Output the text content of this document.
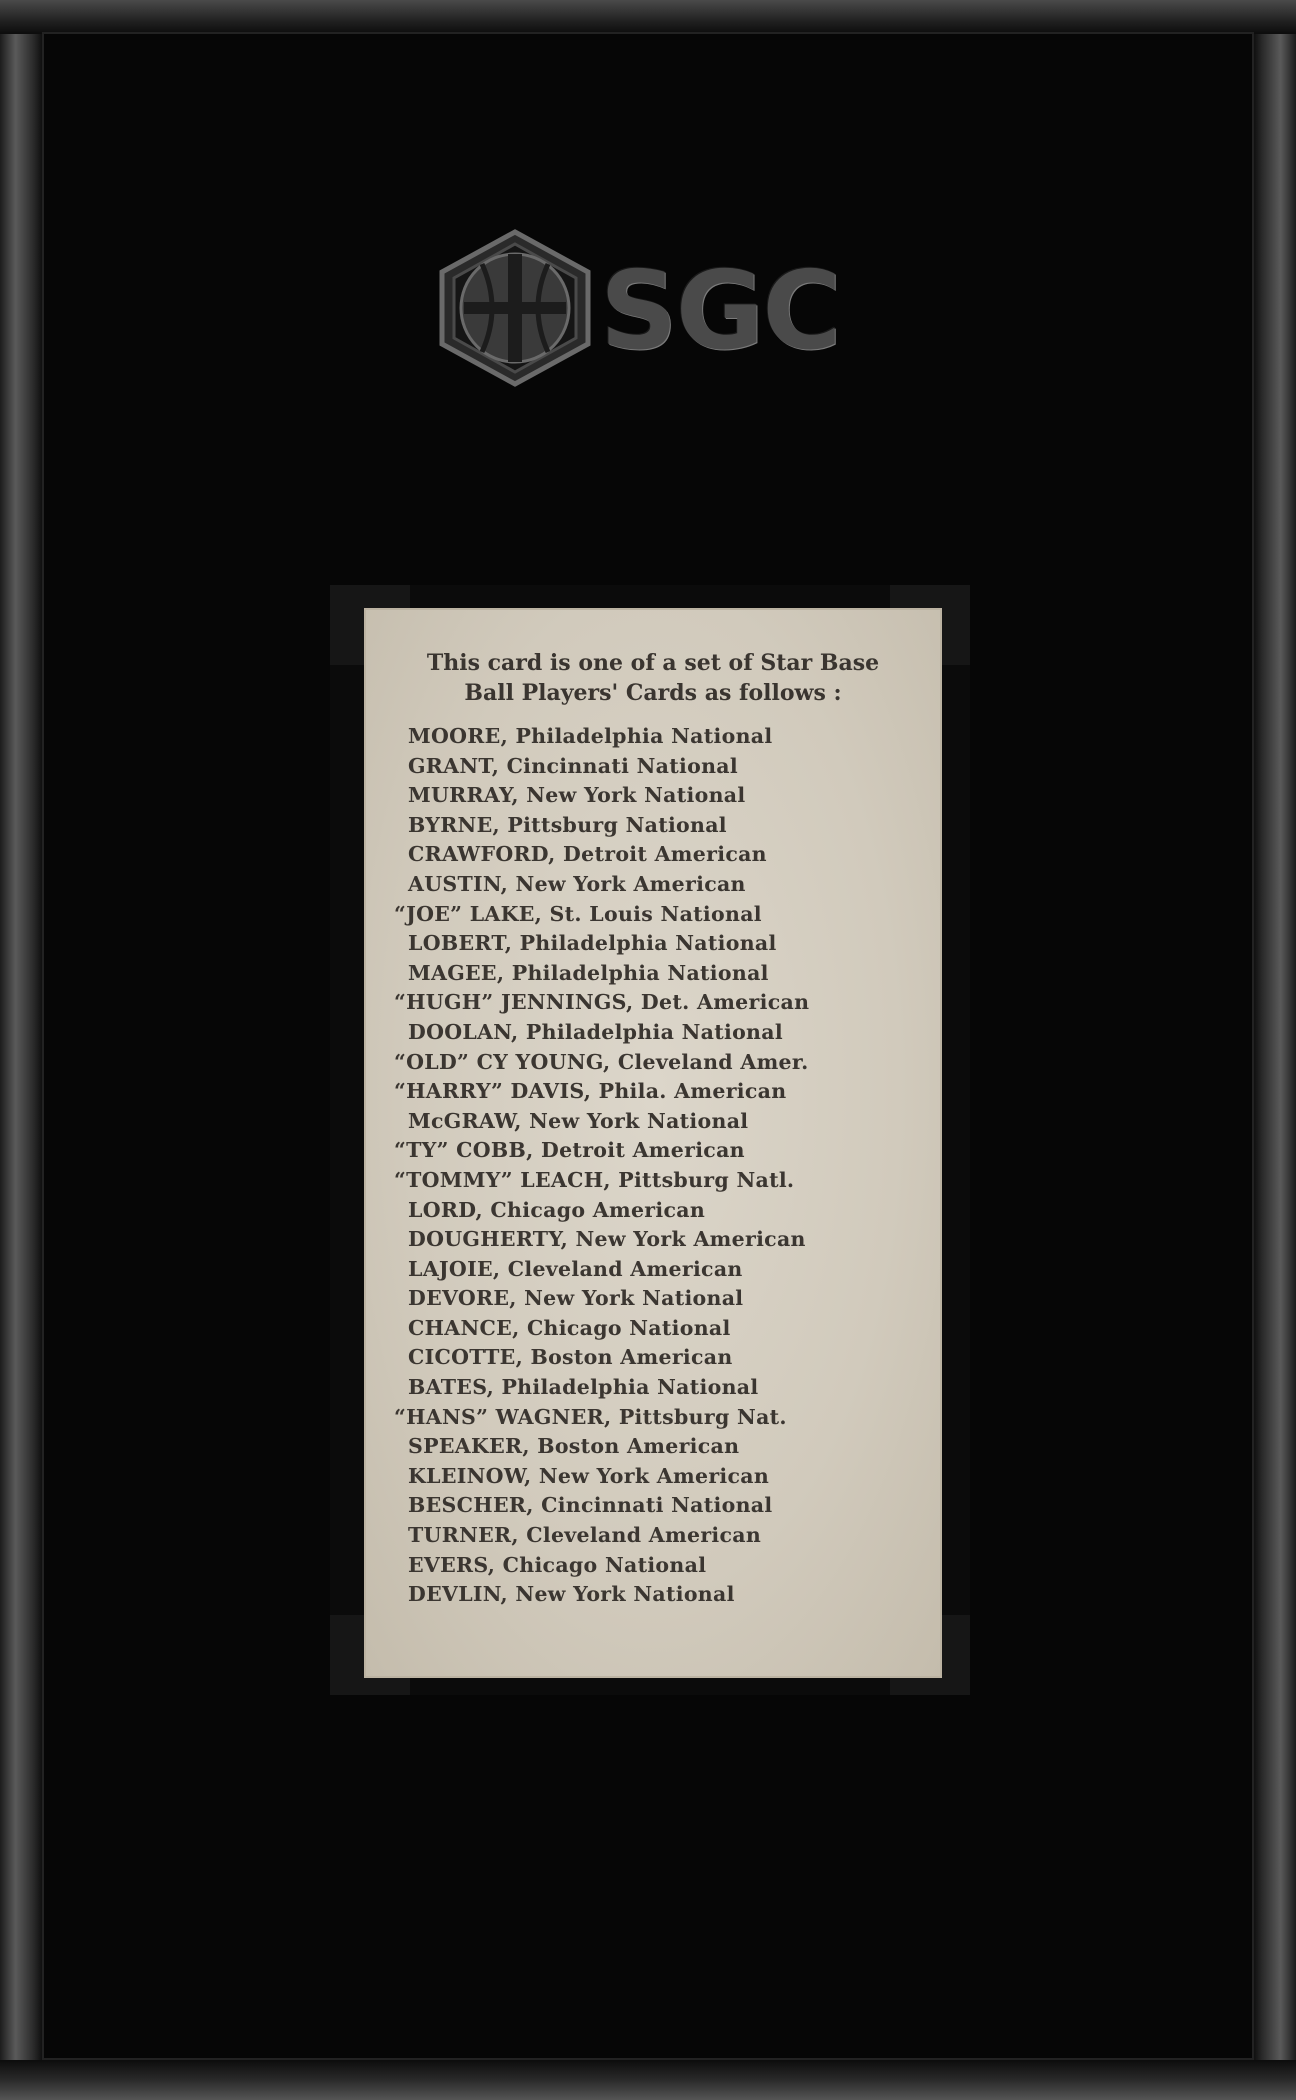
SGC
This card is one of a set of Star Base
Ball Players' Cards as follows :
MOORE, Philadelphia National
GRANT, Cincinnati National
MURRAY, New York National
BYRNE, Pittsburg National
CRAWFORD, Detroit American
AUSTIN, New York American
“JOE” LAKE, St. Louis National
LOBERT, Philadelphia National
MAGEE, Philadelphia National
“HUGH” JENNINGS, Det. American
DOOLAN, Philadelphia National
“OLD” CY YOUNG, Cleveland Amer.
“HARRY” DAVIS, Phila. American
McGRAW, New York National
“TY” COBB, Detroit American
“TOMMY” LEACH, Pittsburg Natl.
LORD, Chicago American
DOUGHERTY, New York American
LAJOIE, Cleveland American
DEVORE, New York National
CHANCE, Chicago National
CICOTTE, Boston American
BATES, Philadelphia National
“HANS” WAGNER, Pittsburg Nat.
SPEAKER, Boston American
KLEINOW, New York American
BESCHER, Cincinnati National
TURNER, Cleveland American
EVERS, Chicago National
DEVLIN, New York National
